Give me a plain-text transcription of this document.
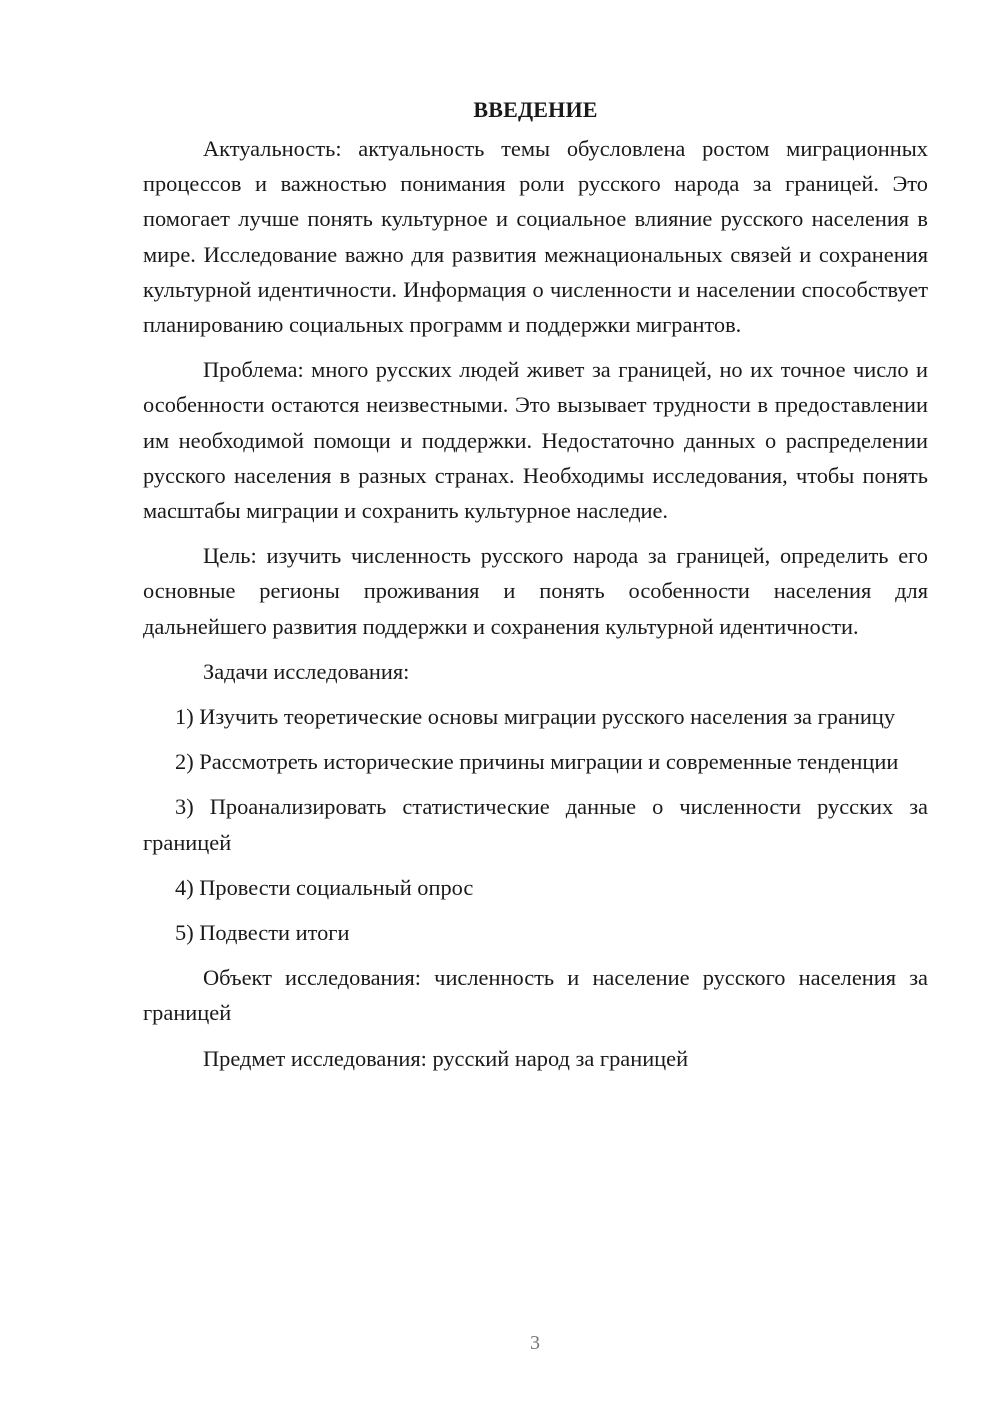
ВВЕДЕНИЕ

Актуальность: актуальность темы обусловлена ростом миграционных процессов и важностью понимания роли русского народа за границей. Это помогает лучше понять культурное и социальное влияние русского населения в мире. Исследование важно для развития межнациональных связей и сохранения культурной идентичности. Информация о численности и населении способствует планированию социальных программ и поддержки мигрантов.

Проблема: много русских людей живет за границей, но их точное число и особенности остаются неизвестными. Это вызывает трудности в предоставлении им необходимой помощи и поддержки. Недостаточно данных о распределении русского населения в разных странах. Необходимы исследования, чтобы понять масштабы миграции и сохранить культурное наследие.

Цель: изучить численность русского народа за границей, определить его основные регионы проживания и понять особенности населения для дальнейшего развития поддержки и сохранения культурной идентичности.

Задачи исследования:

1) Изучить теоретические основы миграции русского населения за границу

2) Рассмотреть исторические причины миграции и современные тенденции

3) Проанализировать статистические данные о численности русских за границей

4) Провести социальный опрос

5) Подвести итоги

Объект исследования: численность и население русского населения за границей

Предмет исследования: русский народ за границей

3
